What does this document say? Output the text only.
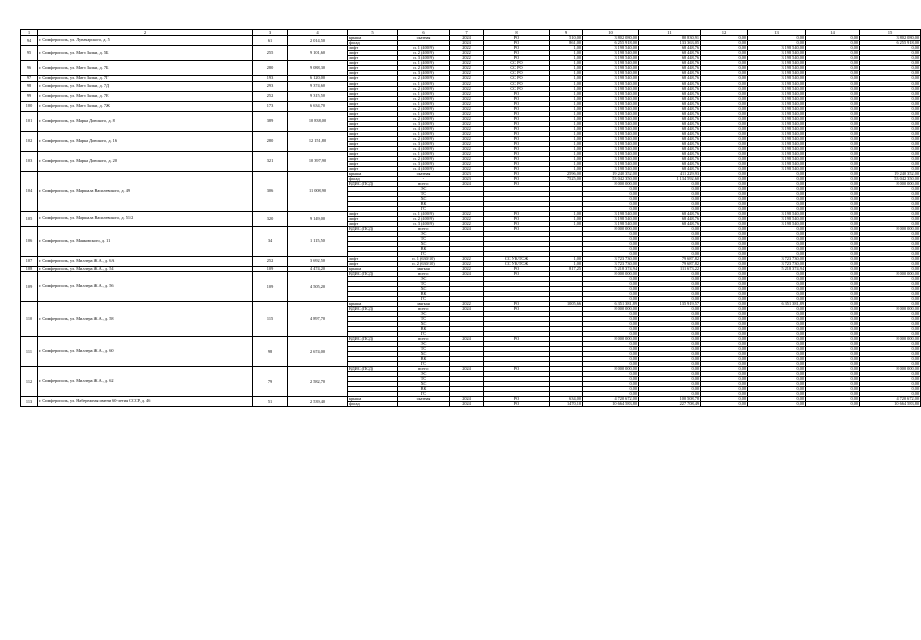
1	2	3	4	5	6	7	8	9	10	11	12	13	14	15
94	г. Симферополь, ул. Луначарского, д. 5	61	2 014,50	крыша	скатная	2024	РО	510,00	3 802 080,00	80 830,91	0,00	0,00	0,00	3 802 080,00
				фасад		2024	РО	861,00	6 255 918,00	133 363,05	0,00	0,00	0,00	6 255 918,00
95	г. Симферополь, ул. Матэ Залки, д. 5Б	255	9 101,60	лифт	п. 1 (400/9)	2022	РО	1,00	3 198 540,00	68 448,76	0,00	3 198 540,00	0,00	0,00
				лифт	п. 2 (400/9)	2022	РО	1,00	3 198 540,00	68 448,76	0,00	3 198 540,00	0,00	0,00
				лифт	п. 3 (400/9)	2022	РО	1,00	3 198 540,00	68 448,76	0,00	3 198 540,00	0,00	0,00
96	г. Симферополь, ул. Матэ Залки, д. 7Б	280	9 088,30	лифт	п. 1 (400/9)	2022	СС РО	1,00	3 198 540,00	68 448,76	0,00	3 198 540,00	0,00	0,00
				лифт	п. 2 (400/9)	2022	СС РО	1,00	3 198 540,00	68 448,76	0,00	3 198 540,00	0,00	0,00
				лифт	п. 3 (400/9)	2022	СС РО	1,00	3 198 540,00	68 448,76	0,00	3 198 540,00	0,00	0,00
97	г. Симферополь, ул. Матэ Залки, д. 7Г	193	6 120,00	лифт	п. 2 (400/9)	2022	СС РО	1,00	3 198 540,00	68 448,76	0,00	3 198 540,00	0,00	0,00
98	г. Симферополь, ул. Матэ Залки, д. 7Д	293	9 374,60	лифт	п. 1 (400/9)	2022	СС РО	1,00	3 198 540,00	68 448,76	0,00	3 198 540,00	0,00	0,00
				лифт	п. 2 (400/9)	2022	СС РО	1,00	3 198 540,00	68 448,76	0,00	3 198 540,00	0,00	0,00
99	г. Симферополь, ул. Матэ Залки, д. 7Е	252	9 315,50	лифт	п. 1 (400/9)	2022	РО	1,00	3 198 540,00	68 448,76	0,00	3 198 540,00	0,00	0,00
				лифт	п. 2 (400/9)	2022	РО	1,00	3 198 540,00	68 448,76	0,00	3 198 540,00	0,00	0,00
100	г. Симферополь, ул. Матэ Залки, д. 7Ж	173	6 634,70	лифт	п. 1 (400/9)	2022	РО	1,00	3 198 540,00	68 448,76	0,00	3 198 540,00	0,00	0,00
				лифт	п. 2 (400/9)	2022	РО	1,00	3 198 540,00	68 448,76	0,00	3 198 540,00	0,00	0,00
101	г. Симферополь, ул. Марка Донского, д. 8	389	10 838,00	лифт	п. 1 (400/9)	2022	РО	1,00	3 198 540,00	68 448,76	0,00	3 198 540,00	0,00	0,00
				лифт	п. 2 (400/9)	2022	РО	1,00	3 198 540,00	68 448,76	0,00	3 198 540,00	0,00	0,00
				лифт	п. 3 (400/9)	2022	РО	1,00	3 198 540,00	68 448,76	0,00	3 198 540,00	0,00	0,00
				лифт	п. 4 (400/9)	2022	РО	1,00	3 198 540,00	68 448,76	0,00	3 198 540,00	0,00	0,00
102	г. Симферополь, ул. Марка Донского, д. 16	280	12 151,80	лифт	п. 1 (400/9)	2022	РО	1,00	3 198 540,00	68 448,76	0,00	3 198 540,00	0,00	0,00
				лифт	п. 2 (400/9)	2022	РО	1,00	3 198 540,00	68 448,76	0,00	3 198 540,00	0,00	0,00
				лифт	п. 3 (400/9)	2022	РО	1,00	3 198 540,00	68 448,76	0,00	3 198 540,00	0,00	0,00
				лифт	п. 4 (400/9)	2022	РО	1,00	3 198 540,00	68 448,76	0,00	3 198 540,00	0,00	0,00
103	г. Симферополь, ул. Марка Донского, д. 20	321	10 397,90	лифт	п. 1 (400/9)	2022	РО	1,00	3 198 540,00	68 448,76	0,00	3 198 540,00	0,00	0,00
				лифт	п. 2 (400/9)	2022	РО	1,00	3 198 540,00	68 448,76	0,00	3 198 540,00	0,00	0,00
				лифт	п. 3 (400/9)	2022	РО	1,00	3 198 540,00	68 448,76	0,00	3 198 540,00	0,00	0,00
				лифт	п. 4 (400/9)	2022	РО	1,00	3 198 540,00	68 448,76	0,00	3 198 540,00	0,00	0,00
104	г. Симферополь, ул. Маршала Василевского, д. 49	306	11 008,90	крыша	скатная	2023	РО	2596,00	19 240 352,00	411 229,93	0,00	0,00	0,00	19 240 352,00
				фасад	-	2023	РО	7525,00	53 042 350,00	1 134 592,60	0,00	0,00	0,00	53 042 350,00
				ВДИС (ПСД)	всего:	2024	РО		8 000 000,00	0,00	0,00	0,00	0,00	8 000 000,00
					ЭС				0,00	0,00	0,00	0,00	0,00	0,00
					ТС				0,00	0,00	0,00	0,00	0,00	0,00
					ХС				0,00	0,00	0,00	0,00	0,00	0,00
					ВК				0,00	0,00	0,00	0,00	0,00	0,00
					ГС				0,00	0,00	0,00	0,00	0,00	0,00
105	г. Симферополь, ул. Маршала Василевского, д. 51/2	320	9 149,00	лифт	п. 1 (400/9)	2022	РО	1,00	3 198 540,00	68 448,76	0,00	3 198 540,00	0,00	0,00
				лифт	п. 2 (400/9)	2022	РО	1,00	3 198 540,00	68 448,76	0,00	3 198 540,00	0,00	0,00
				лифт	п. 3 (400/9)	2022	РО	1,00	3 198 540,00	68 448,76	0,00	3 198 540,00	0,00	0,00
106	г. Симферополь, ул. Маяковского, д. 11	34	1 115,50	ВДИС (ПСД)	всего:	2024	РО		8 000 000,00	0,00	0,00	0,00	0,00	8 000 000,00
					ЭС				0,00	0,00	0,00	0,00	0,00	0,00
					ТС				0,00	0,00	0,00	0,00	0,00	0,00
					ХС				0,00	0,00	0,00	0,00	0,00	0,00
					ВК				0,00	0,00	0,00	0,00	0,00	0,00
					ГС				0,00	0,00	0,00	0,00	0,00	0,00
107	г. Симферополь, ул. Миллера Ж.А., д. 6А	252	3 692,50	лифт	п. 1 (630/10)	2022	СС УК/ТСЖ	1,00	3 723 730,00	79 687,82	0,00	3 723 730,00	0,00	0,00
				лифт	п. 2 (630/10)	2022	СС УК/ТСЖ	1,00	3 723 730,00	79 687,82	0,00	3 723 730,00	0,00	0,00
108	г. Симферополь, ул. Миллера Ж.А., д. 54	109	4 474,20	крыша	мягкая	2022	РО	817,25	5 218 374,94	111 673,22	0,00	5 218 374,94	0,00	0,00
109	г. Симферополь, ул. Миллера Ж.А., д. 56	109	4 505,20	ВДИС (ПСД)	всего:	2024	РО		8 000 000,00	0,00	0,00	0,00	0,00	8 000 000,00
					ЭС				0,00	0,00	0,00	0,00	0,00	0,00
					ТС				0,00	0,00	0,00	0,00	0,00	0,00
					ХС				0,00	0,00	0,00	0,00	0,00	0,00
					ВК				0,00	0,00	0,00	0,00	0,00	0,00
					ГС				0,00	0,00	0,00	0,00	0,00	0,00
110	г. Симферополь, ул. Миллера Ж.А., д. 58	115	4 897,70	крыша	мягкая	2022	РО	1005,66	6 351 381,89	135 919,57	0,00	6 351 381,89	0,00	0,00
				ВДИС (ПСД)	всего:	2024	РО		8 000 000,00	0,00	0,00	0,00	0,00	8 000 000,00
					ЭС				0,00	0,00	0,00	0,00	0,00	0,00
					ТС				0,00	0,00	0,00	0,00	0,00	0,00
					ХС				0,00	0,00	0,00	0,00	0,00	0,00
					ВК				0,00	0,00	0,00	0,00	0,00	0,00
					ГС				0,00	0,00	0,00	0,00	0,00	0,00
111	г. Симферополь, ул. Миллера Ж.А., д. 60	98	2 674,00	ВДИС (ПСД)	всего:	2024	РО		8 000 000,00	0,00	0,00	0,00	0,00	8 000 000,00
					ЭС				0,00	0,00	0,00	0,00	0,00	0,00
					ТС				0,00	0,00	0,00	0,00	0,00	0,00
					ХС				0,00	0,00	0,00	0,00	0,00	0,00
					ВК				0,00	0,00	0,00	0,00	0,00	0,00
					ГС				0,00	0,00	0,00	0,00	0,00	0,00
112	г. Симферополь, ул. Миллера Ж.А., д. 62	79	2 582,70	ВДИС (ПСД)	всего:	2024	РО		8 000 000,00	0,00	0,00	0,00	0,00	8 000 000,00
					ЭС				0,00	0,00	0,00	0,00	0,00	0,00
					ТС				0,00	0,00	0,00	0,00	0,00	0,00
					ХС				0,00	0,00	0,00	0,00	0,00	0,00
					ВК				0,00	0,00	0,00	0,00	0,00	0,00
					ГС				0,00	0,00	0,00	0,00	0,00	0,00
113	г. Симферополь, ул. Набережная имени 60-летия СССР, д. 46	51	2 539,40	крыша	скатная	2024	РО	634,00	4 720 672,00	100 508,78	0,00	0,00	0,00	4 720 672,00
				фасад		2024	РО	1470,10	10 664 583,80	227 708,49	0,00	0,00	0,00	10 664 583,80
